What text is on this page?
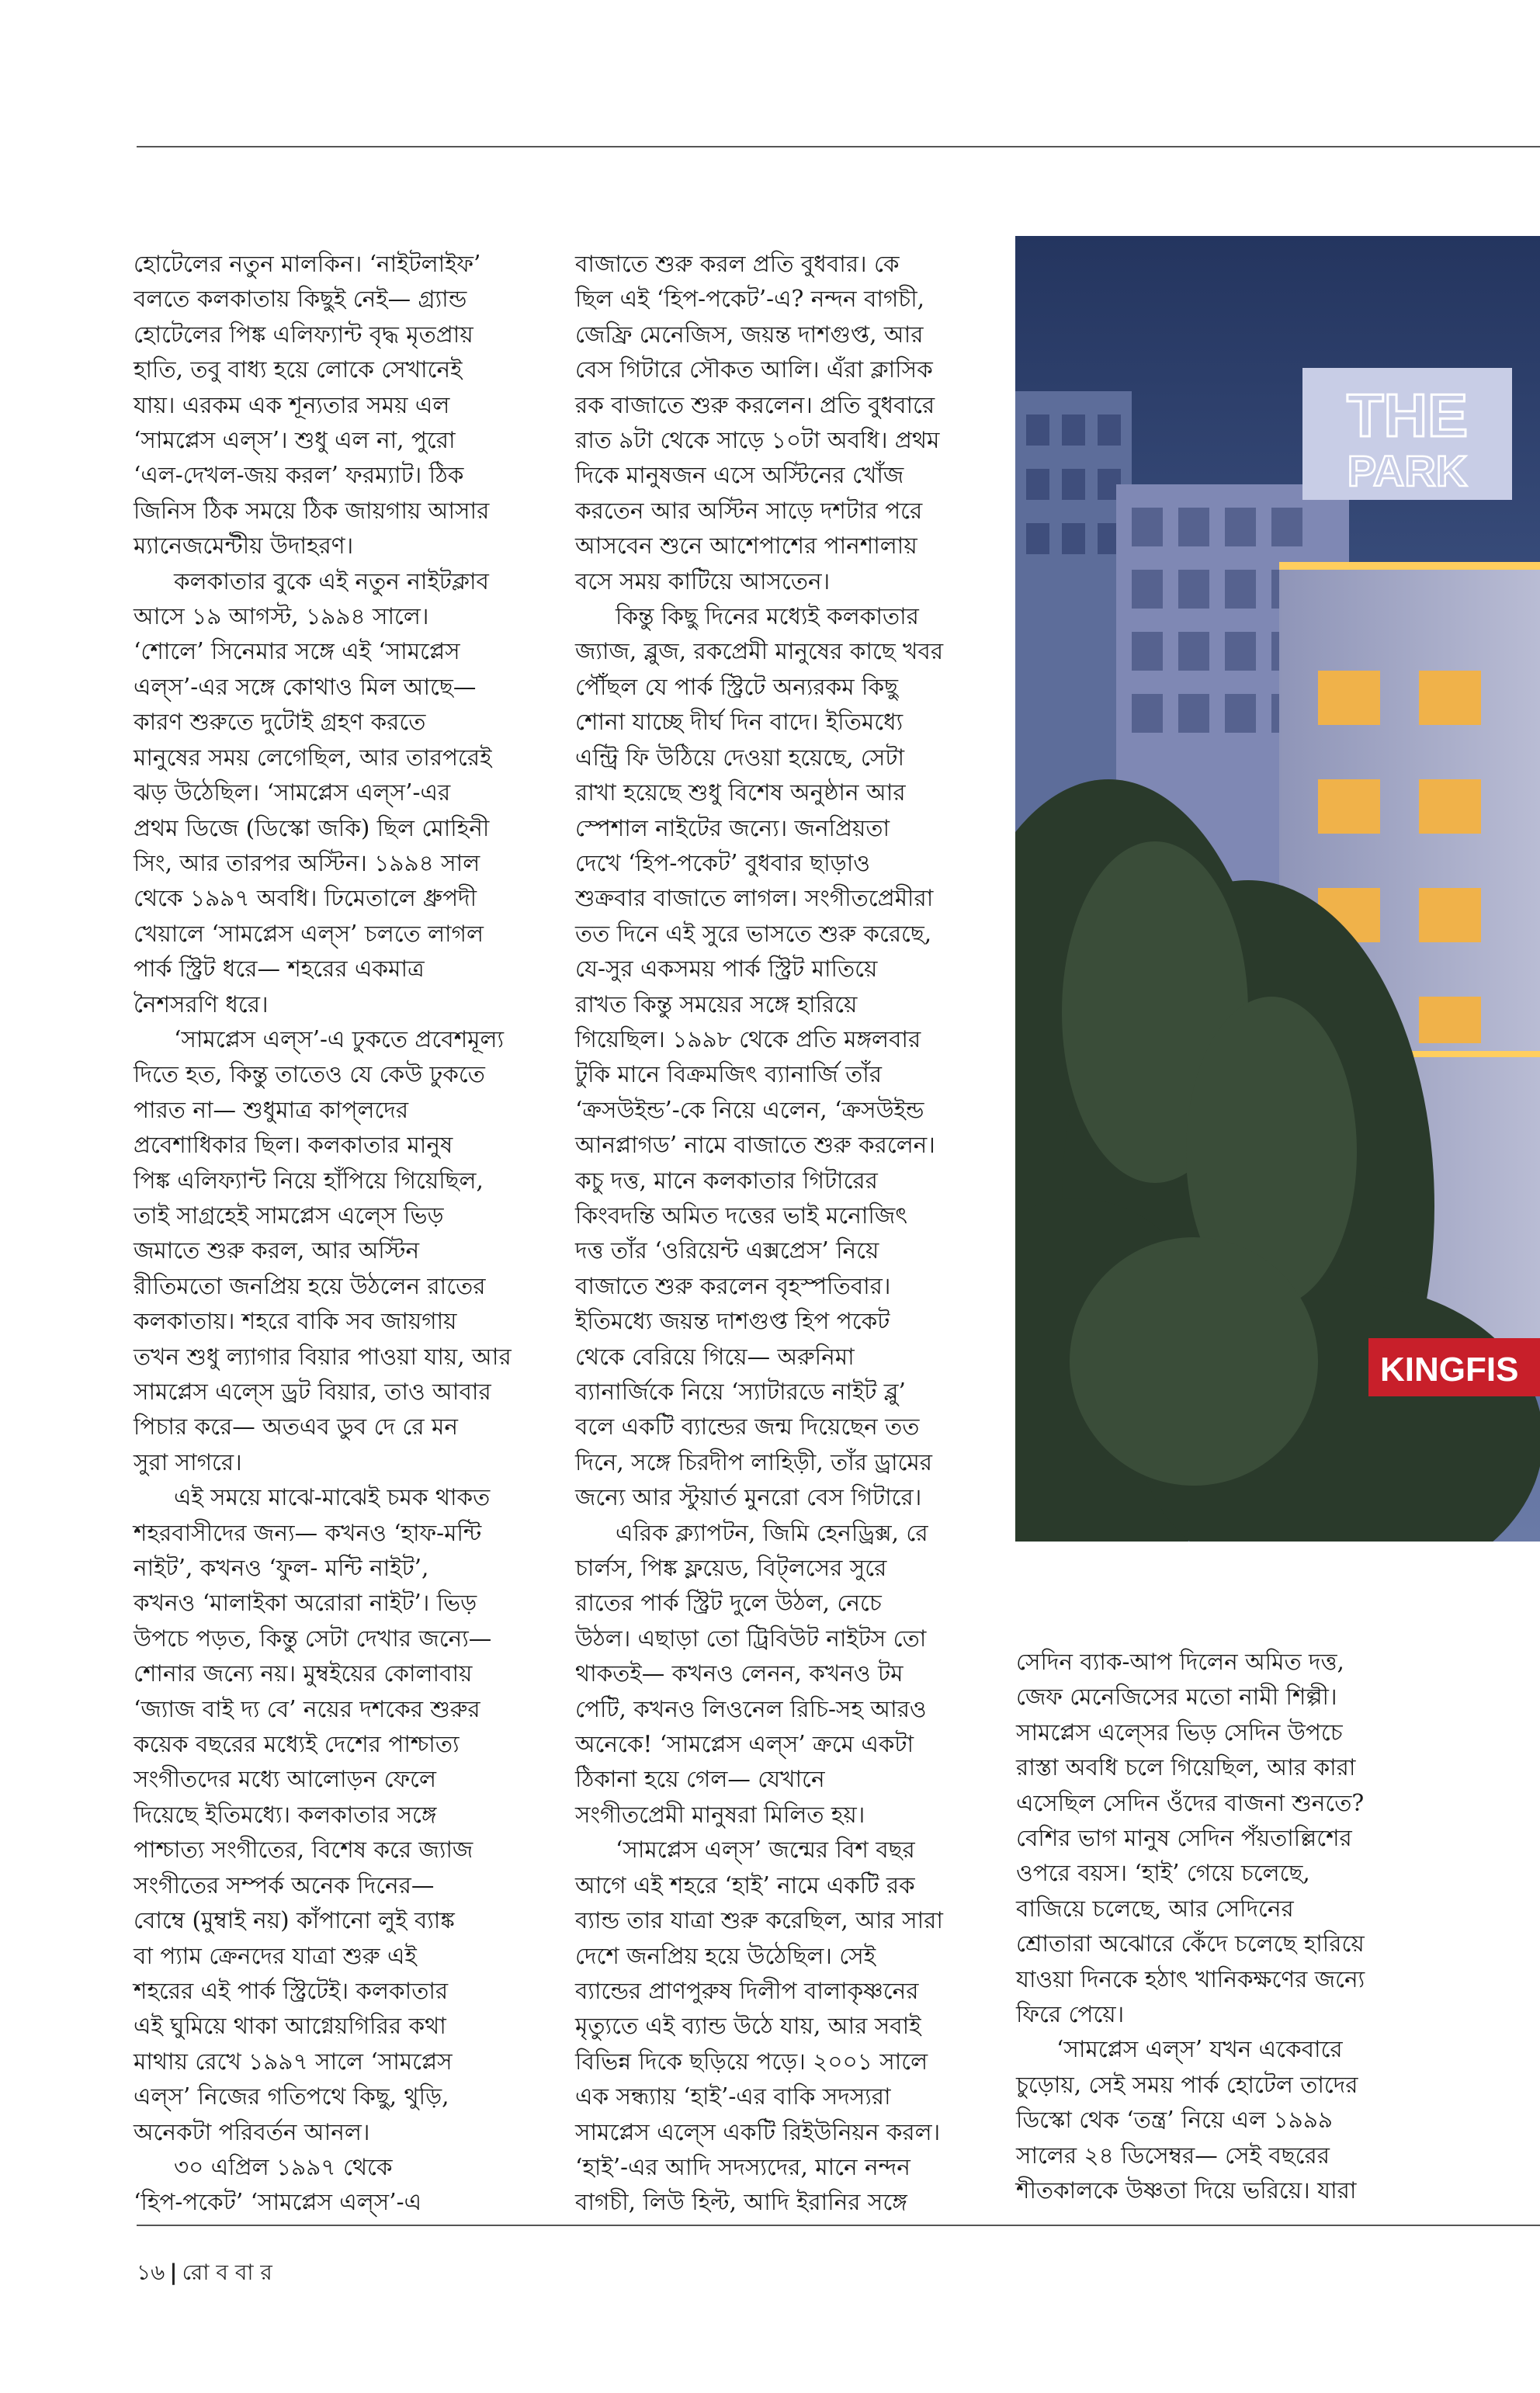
হোটেলের নতুন মালকিন। ‘নাইটলাইফ’

বলতে কলকাতায় কিছুই নেই— গ্র্যান্ড

হোটেলের পিঙ্ক এলিফ্যান্ট বৃদ্ধ মৃতপ্রায়

হাতি, তবু বাধ্য হয়ে লোকে সেখানেই

যায়। এরকম এক শূন্যতার সময় এল

‘সামপ্লেস এল্স’। শুধু এল না, পুরো

‘এল-দেখল-জয় করল’ ফরম্যাট। ঠিক

জিনিস ঠিক সময়ে ঠিক জায়গায় আসার

ম্যানেজমেন্টীয় উদাহরণ।

কলকাতার বুকে এই নতুন নাইটক্লাব

আসে ১৯ আগস্ট, ১৯৯৪ সালে।

‘শোলে’ সিনেমার সঙ্গে এই ‘সামপ্লেস

এল্স’-এর সঙ্গে কোথাও মিল আছে—

কারণ শুরুতে দুটোই গ্রহণ করতে

মানুষের সময় লেগেছিল, আর তারপরেই

ঝড় উঠেছিল। ‘সামপ্লেস এল্স’-এর

প্রথম ডিজে (ডিস্কো জকি) ছিল মোহিনী

সিং, আর তারপর অস্টিন। ১৯৯৪ সাল

থেকে ১৯৯৭ অবধি। ঢিমেতালে ধ্রুপদী

খেয়ালে ‘সামপ্লেস এল্স’ চলতে লাগল

পার্ক স্ট্রিট ধরে— শহরের একমাত্র

নৈশসরণি ধরে।

‘সামপ্লেস এল্স’-এ ঢুকতে প্রবেশমূল্য

দিতে হত, কিন্তু তাতেও যে কেউ ঢুকতে

পারত না— শুধুমাত্র কাপ্‌লদের

প্রবেশাধিকার ছিল। কলকাতার মানুষ

পিঙ্ক এলিফ্যান্ট নিয়ে হাঁপিয়ে গিয়েছিল,

তাই সাগ্রহেই সামপ্লেস এল্সে ভিড়

জমাতে শুরু করল, আর অস্টিন

রীতিমতো জনপ্রিয় হয়ে উঠলেন রাতের

কলকাতায়। শহরে বাকি সব জায়গায়

তখন শুধু ল্যাগার বিয়ার পাওয়া যায়, আর

সামপ্লেস এল্সে ড্রট বিয়ার, তাও আবার

পিচার করে— অতএব ডুব দে রে মন

সুরা সাগরে।

এই সময়ে মাঝে-মাঝেই চমক থাকত

শহরবাসীদের জন্য— কখনও ‘হাফ-মন্টি

নাইট’, কখনও ‘ফুল- মন্টি নাইট’,

কখনও ‘মালাইকা অরোরা নাইট’। ভিড়

উপচে পড়ত, কিন্তু সেটা দেখার জন্যে—

শোনার জন্যে নয়। মুম্বইয়ের কোলাবায়

‘জ্যাজ বাই দ্য বে’ নয়ের দশকের শুরুর

কয়েক বছরের মধ্যেই দেশের পাশ্চাত্য

সংগীতদের মধ্যে আলোড়ন ফেলে

দিয়েছে ইতিমধ্যে। কলকাতার সঙ্গে

পাশ্চাত্য সংগীতের, বিশেষ করে জ্যাজ

সংগীতের সম্পর্ক অনেক দিনের—

বোম্বে (মুম্বাই নয়) কাঁপানো লুই ব্যাঙ্ক

বা প্যাম ক্রেনদের যাত্রা শুরু এই

শহরের এই পার্ক স্ট্রিটেই। কলকাতার

এই ঘুমিয়ে থাকা আগ্নেয়গিরির কথা

মাথায় রেখে ১৯৯৭ সালে ‘সামপ্লেস

এল্স’ নিজের গতিপথে কিছু, থুড়ি,

অনেকটা পরিবর্তন আনল।

৩০ এপ্রিল ১৯৯৭ থেকে

‘হিপ-পকেট’ ‘সামপ্লেস এল্স’-এ

বাজাতে শুরু করল প্রতি বুধবার। কে

ছিল এই ‘হিপ-পকেট’-এ? নন্দন বাগচী,

জেফ্রি মেনেজিস, জয়ন্ত দাশগুপ্ত, আর

বেস গিটারে সৌকত আলি। এঁরা ক্লাসিক

রক বাজাতে শুরু করলেন। প্রতি বুধবারে

রাত ৯টা থেকে সাড়ে ১০টা অবধি। প্রথম

দিকে মানুষজন এসে অস্টিনের খোঁজ

করতেন আর অস্টিন সাড়ে দশটার পরে

আসবেন শুনে আশেপাশের পানশালায়

বসে সময় কাটিয়ে আসতেন।

কিন্তু কিছু দিনের মধ্যেই কলকাতার

জ্যাজ, ব্লুজ, রকপ্রেমী মানুষের কাছে খবর

পৌঁছল যে পার্ক স্ট্রিটে অন্যরকম কিছু

শোনা যাচ্ছে দীর্ঘ দিন বাদে। ইতিমধ্যে

এন্ট্রি ফি উঠিয়ে দেওয়া হয়েছে, সেটা

রাখা হয়েছে শুধু বিশেষ অনুষ্ঠান আর

স্পেশাল নাইটের জন্যে। জনপ্রিয়তা

দেখে ‘হিপ-পকেট’ বুধবার ছাড়াও

শুক্রবার বাজাতে লাগল। সংগীতপ্রেমীরা

তত দিনে এই সুরে ভাসতে শুরু করেছে,

যে-সুর একসময় পার্ক স্ট্রিট মাতিয়ে

রাখত কিন্তু সময়ের সঙ্গে হারিয়ে

গিয়েছিল। ১৯৯৮ থেকে প্রতি মঙ্গলবার

টুকি মানে বিক্রমজিৎ ব্যানার্জি তাঁর

‘ক্রসউইন্ড’-কে নিয়ে এলেন, ‘ক্রসউইন্ড

আনপ্লাগড’ নামে বাজাতে শুরু করলেন।

কচু দত্ত, মানে কলকাতার গিটারের

কিংবদন্তি অমিত দত্তের ভাই মনোজিৎ

দত্ত তাঁর ‘ওরিয়েন্ট এক্সপ্রেস’ নিয়ে

বাজাতে শুরু করলেন বৃহস্পতিবার।

ইতিমধ্যে জয়ন্ত দাশগুপ্ত হিপ পকেট

থেকে বেরিয়ে গিয়ে— অরুনিমা

ব্যানার্জিকে নিয়ে ‘স্যাটারডে নাইট ব্লু’

বলে একটি ব্যান্ডের জন্ম দিয়েছেন তত

দিনে, সঙ্গে চিরদীপ লাহিড়ী, তাঁর ড্রামের

জন্যে আর স্টুয়ার্ত মুনরো বেস গিটারে।

এরিক ক্ল্যাপটন, জিমি হেনড্রিক্স, রে

চার্লস, পিঙ্ক ফ্লয়েড, বিট্‌লসের সুরে

রাতের পার্ক স্ট্রিট দুলে উঠল, নেচে

উঠল। এছাড়া তো ট্রিবিউট নাইটস তো

থাকতই— কখনও লেনন, কখনও টম

পেটি, কখনও লিওনেল রিচি-সহ আরও

অনেকে! ‘সামপ্লেস এল্স’ ক্রমে একটা

ঠিকানা হয়ে গেল— যেখানে

সংগীতপ্রেমী মানুষরা মিলিত হয়।

‘সামপ্লেস এল্স’ জন্মের বিশ বছর

আগে এই শহরে ‘হাই’ নামে একটি রক

ব্যান্ড তার যাত্রা শুরু করেছিল, আর সারা

দেশে জনপ্রিয় হয়ে উঠেছিল। সেই

ব্যান্ডের প্রাণপুরুষ দিলীপ বালাকৃষ্ণনের

মৃত্যুতে এই ব্যান্ড উঠে যায়, আর সবাই

বিভিন্ন দিকে ছড়িয়ে পড়ে। ২০০১ সালে

এক সন্ধ্যায় ‘হাই’-এর বাকি সদস্যরা

সামপ্লেস এল্সে একটি রিইউনিয়ন করল।

‘হাই’-এর আদি সদস্যদের, মানে নন্দন

বাগচী, লিউ হিল্ট, আদি ইরানির সঙ্গে

সেদিন ব্যাক-আপ দিলেন অমিত দত্ত,

জেফ মেনেজিসের মতো নামী শিল্পী।

সামপ্লেস এল্সের ভিড় সেদিন উপচে

রাস্তা অবধি চলে গিয়েছিল, আর কারা

এসেছিল সেদিন ওঁদের বাজনা শুনতে?

বেশির ভাগ মানুষ সেদিন পঁয়তাল্লিশের

ওপরে বয়স। ‘হাই’ গেয়ে চলেছে,

বাজিয়ে চলেছে, আর সেদিনের

শ্রোতারা অঝোরে কেঁদে চলেছে হারিয়ে

যাওয়া দিনকে হঠাৎ খানিকক্ষণের জন্যে

ফিরে পেয়ে।

‘সামপ্লেস এল্স’ যখন একেবারে

চুড়োয়, সেই সময় পার্ক হোটেল তাদের

ডিস্কো থেক ‘তন্ত্র’ নিয়ে এল ১৯৯৯

সালের ২৪ ডিসেম্বর— সেই বছরের

শীতকালকে উষ্ণতা দিয়ে ভরিয়ে। যারা

THE
PARK
KINGFIS
১৬ | রো ব বা র
